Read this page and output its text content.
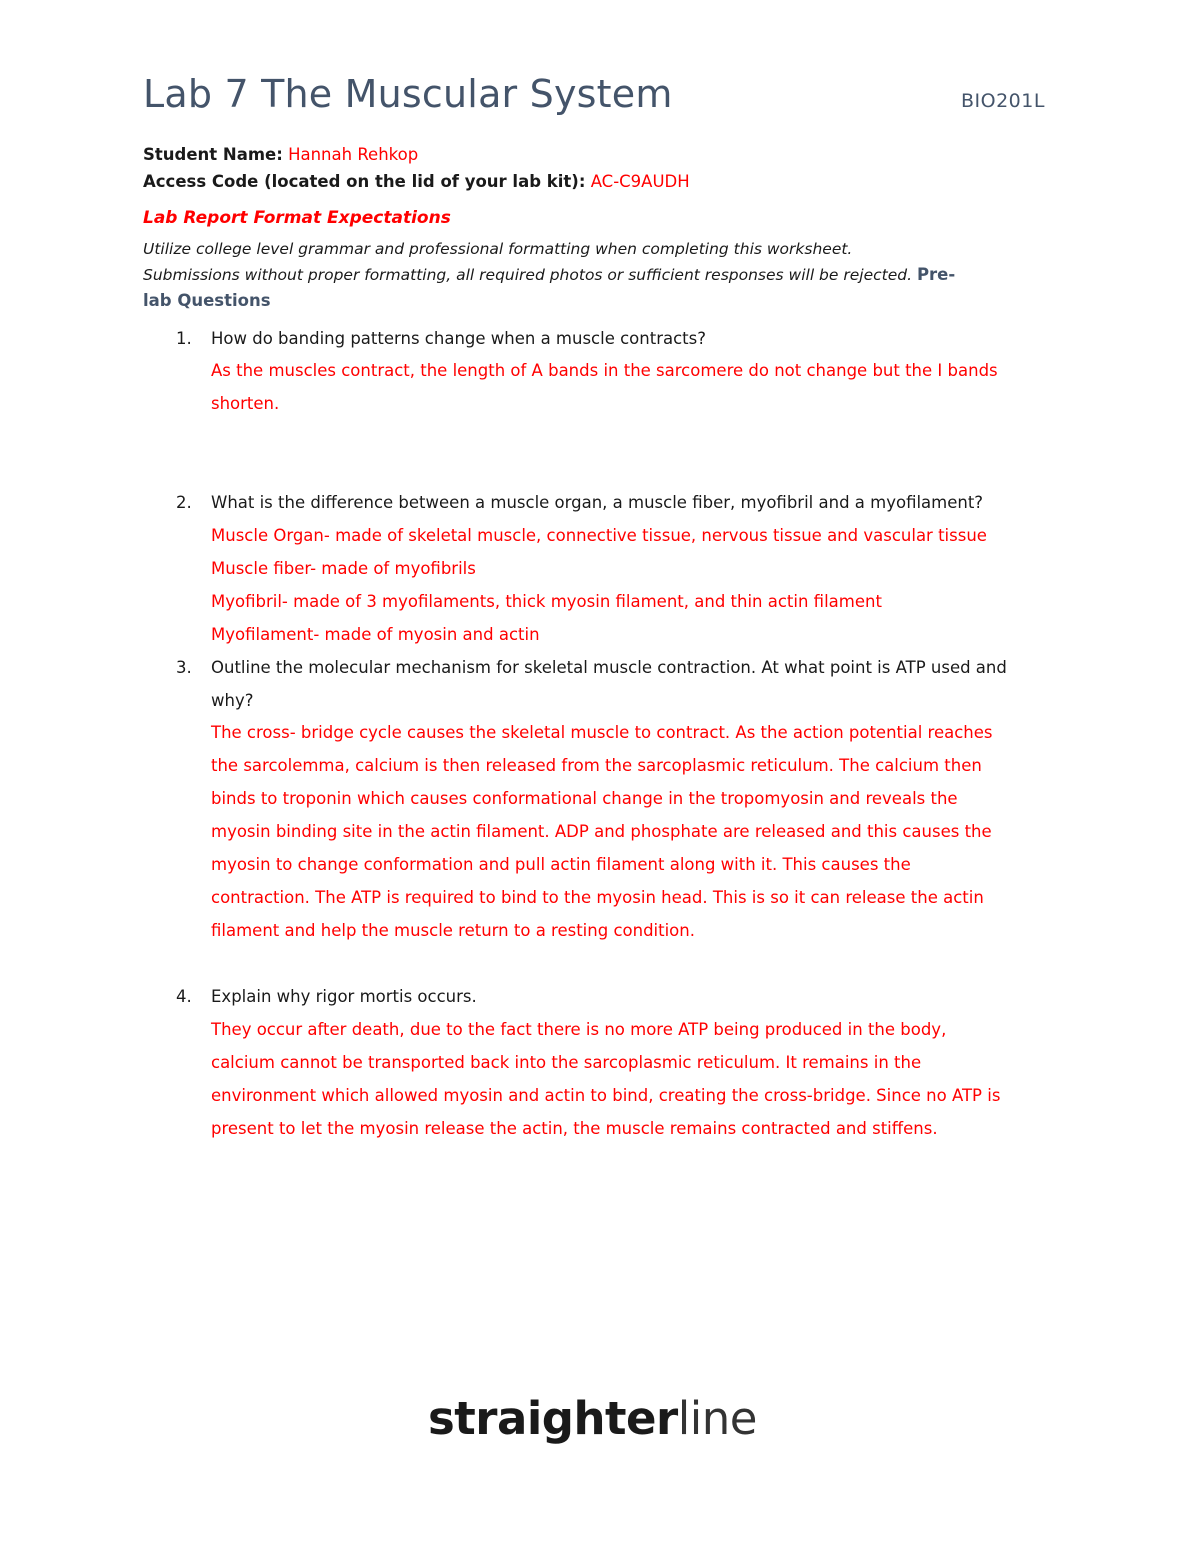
Lab 7 The Muscular System	BIO201L
Student Name: Hannah Rehkop
Access Code (located on the lid of your lab kit): AC-C9AUDH
Lab Report Format Expectations
Utilize college level grammar and professional formatting when completing this worksheet.
Submissions without proper formatting, all required photos or sufficient responses will be rejected. Pre-
lab Questions
1. How do banding patterns change when a muscle contracts?
As the muscles contract, the length of A bands in the sarcomere do not change but the I bands
shorten.
2. What is the difference between a muscle organ, a muscle fiber, myofibril and a myofilament?
Muscle Organ- made of skeletal muscle, connective tissue, nervous tissue and vascular tissue
Muscle fiber- made of myofibrils
Myofibril- made of 3 myofilaments, thick myosin filament, and thin actin filament
Myofilament- made of myosin and actin
3. Outline the molecular mechanism for skeletal muscle contraction. At what point is ATP used and
why?
The cross- bridge cycle causes the skeletal muscle to contract. As the action potential reaches
the sarcolemma, calcium is then released from the sarcoplasmic reticulum. The calcium then
binds to troponin which causes conformational change in the tropomyosin and reveals the
myosin binding site in the actin filament. ADP and phosphate are released and this causes the
myosin to change conformation and pull actin filament along with it. This causes the
contraction. The ATP is required to bind to the myosin head. This is so it can release the actin
filament and help the muscle return to a resting condition.
4. Explain why rigor mortis occurs.
They occur after death, due to the fact there is no more ATP being produced in the body,
calcium cannot be transported back into the sarcoplasmic reticulum. It remains in the
environment which allowed myosin and actin to bind, creating the cross-bridge. Since no ATP is
present to let the myosin release the actin, the muscle remains contracted and stiffens.
straighterline
